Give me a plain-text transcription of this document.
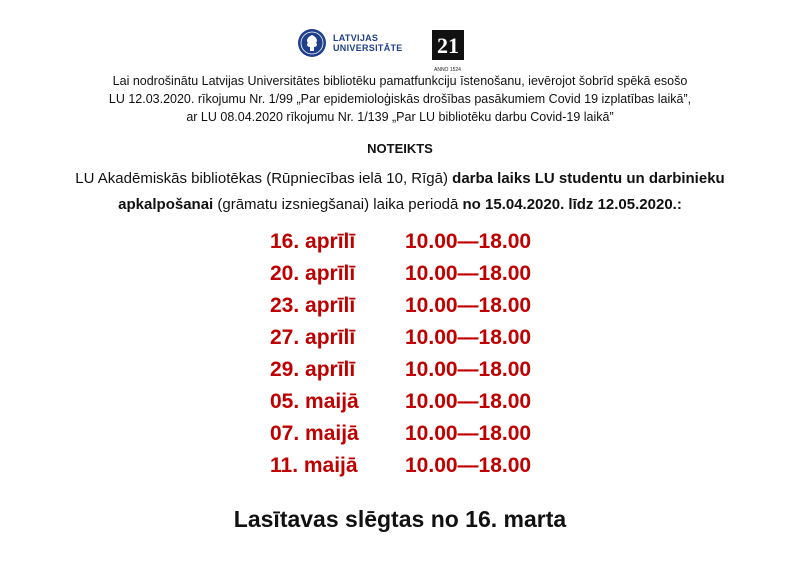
LATVIJAS
UNIVERSITĀTE 21
ANNO 1524
Lai nodrošinātu Latvijas Universitātes bibliotēku pamatfunkciju īstenošanu, ievērojot šobrīd spēkā esošo
LU 12.03.2020. rīkojumu Nr. 1/99 „Par epidemioloģiskās drošības pasākumiem Covid 19 izplatības laikā”,
ar LU 08.04.2020 rīkojumu Nr. 1/139 „Par LU bibliotēku darbu Covid-19 laikā”
NOTEIKTS
LU Akadēmiskās bibliotēkas (Rūpniecības ielā 10, Rīgā) darba laiks LU studentu un darbinieku apkalpošanai (grāmatu izsniegšanai) laika periodā no 15.04.2020. līdz 12.05.2020.:
16. aprīlī 10.00—18.00
20. aprīlī 10.00—18.00
23. aprīlī 10.00—18.00
27. aprīlī 10.00—18.00
29. aprīlī 10.00—18.00
05. maijā 10.00—18.00
07. maijā 10.00—18.00
11. maijā 10.00—18.00
Lasītavas slēgtas no 16. marta
